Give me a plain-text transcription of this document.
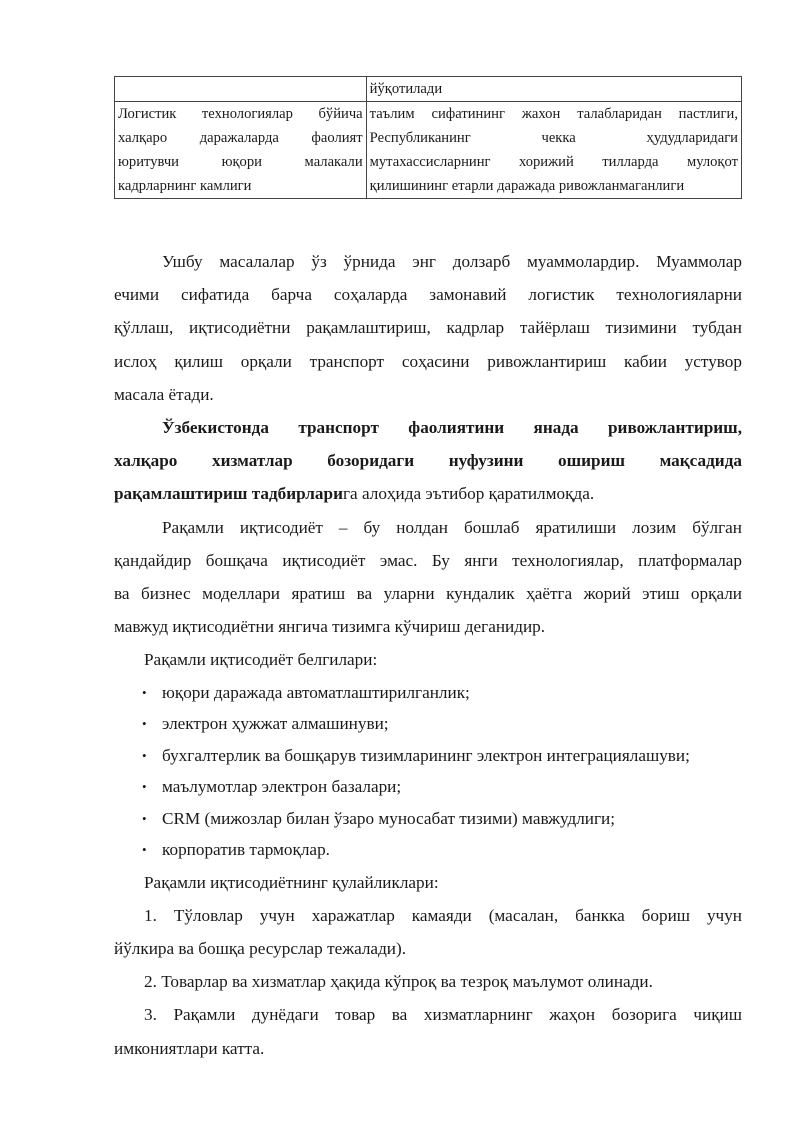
	йўқотилади

Логистик технологиялар бўйича
халқаро даражаларда фаолият
юритувчи юқори малакали
кадрларнинг камлиги	таълим сифатининг жахон талабларидан пастлиги,
Республиканинг чекка ҳудудларидаги
мутахассисларнинг хорижий тилларда мулоқот
қилишининг етарли даражада ривожланмаганлиги

Ушбу масалалар ўз ўрнида энг долзарб муаммолардир. Муаммолар
ечими сифатида барча соҳаларда замонавий логистик технологияларни
қўллаш, иқтисодиётни рақамлаштириш, кадрлар тайёрлаш тизимини тубдан
ислоҳ қилиш орқали транспорт соҳасини ривожлантириш кабии устувор
масала ётади.

Ўзбекистонда транспорт фаолиятини янада ривожлантириш,
халқаро хизматлар бозоридаги нуфузини ошириш мақсадида
рақамлаштириш тадбирларига алоҳида эътибор қаратилмоқда.

Рақамли иқтисодиёт – бу нолдан бошлаб яратилиши лозим бўлган
қандайдир бошқача иқтисодиёт эмас. Бу янги технологиялар, платформалар
ва бизнес моделлари яратиш ва уларни кундалик ҳаётга жорий этиш орқали
мавжуд иқтисодиётни янгича тизимга кўчириш деганидир.

Рақамли иқтисодиёт белгилари:

• юқори даражада автоматлаштирилганлик;
• электрон ҳужжат алмашинуви;
• бухгалтерлик ва бошқарув тизимларининг электрон интеграциялашуви;
• маълумотлар электрон базалари;
• CRM (мижозлар билан ўзаро муносабат тизими) мавжудлиги;
• корпоратив тармоқлар.

Рақамли иқтисодиётнинг қулайликлари:

1. Тўловлар учун харажатлар камаяди (масалан, банкка бориш учун
йўлкира ва бошқа ресурслар тежалади).

2. Товарлар ва хизматлар ҳақида кўпроқ ва тезроқ маълумот олинади.

3. Рақамли дунёдаги товар ва хизматларнинг жаҳон бозорига чиқиш
имкониятлари катта.
